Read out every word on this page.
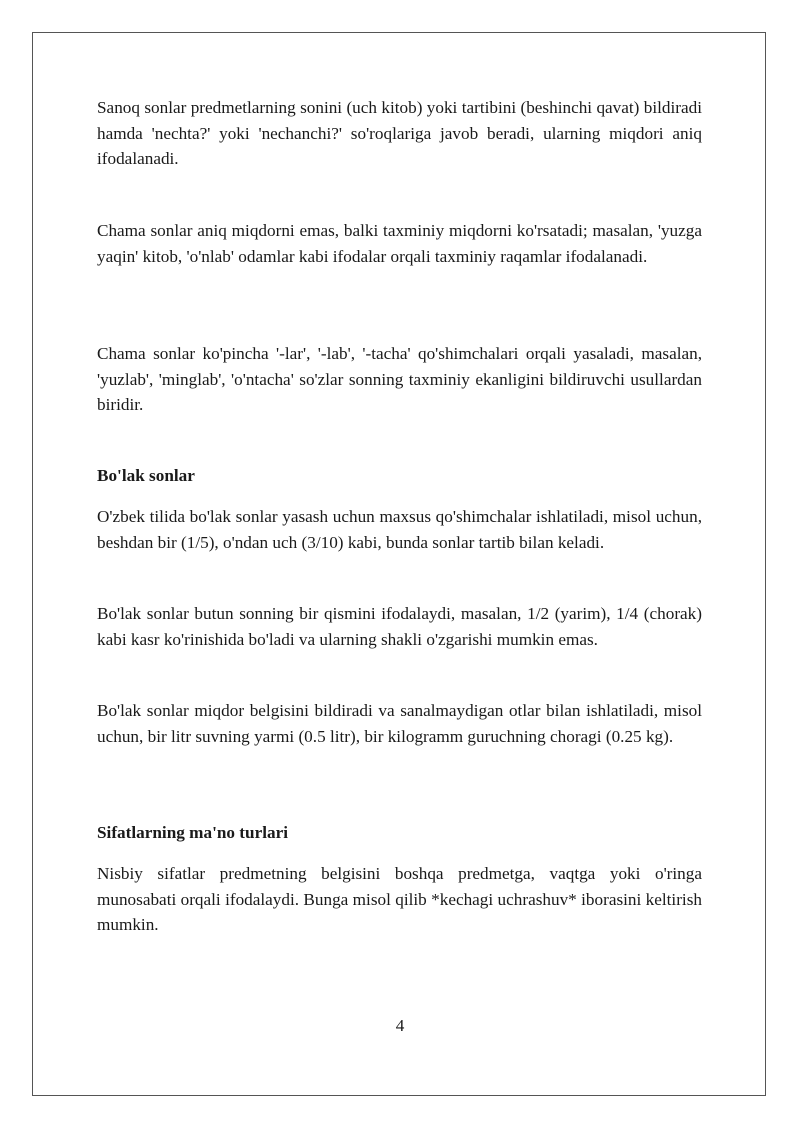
Sanoq sonlar predmetlarning sonini (uch kitob) yoki tartibini (beshinchi qavat) bildiradi hamda 'nechta?' yoki 'nechanchi?' so'roqlariga javob beradi, ularning miqdori aniq ifodalanadi.

Chama sonlar aniq miqdorni emas, balki taxminiy miqdorni ko'rsatadi; masalan, 'yuzga yaqin' kitob, 'o'nlab' odamlar kabi ifodalar orqali taxminiy raqamlar ifodalanadi.

Chama sonlar ko'pincha '-lar', '-lab', '-tacha' qo'shimchalari orqali yasaladi, masalan, 'yuzlab', 'minglab', 'o'ntacha' so'zlar sonning taxminiy ekanligini bildiruvchi usullardan biridir.

Bo'lak sonlar

O'zbek tilida bo'lak sonlar yasash uchun maxsus qo'shimchalar ishlatiladi, misol uchun, beshdan bir (1/5), o'ndan uch (3/10) kabi, bunda sonlar tartib bilan keladi.

Bo'lak sonlar butun sonning bir qismini ifodalaydi, masalan, 1/2 (yarim), 1/4 (chorak) kabi kasr ko'rinishida bo'ladi va ularning shakli o'zgarishi mumkin emas.

Bo'lak sonlar miqdor belgisini bildiradi va sanalmaydigan otlar bilan ishlatiladi, misol uchun, bir litr suvning yarmi (0.5 litr), bir kilogramm guruchning choragi (0.25 kg).

Sifatlarning ma'no turlari

Nisbiy sifatlar predmetning belgisini boshqa predmetga, vaqtga yoki o'ringa munosabati orqali ifodalaydi. Bunga misol qilib *kechagi uchrashuv* iborasini keltirish mumkin.

4
